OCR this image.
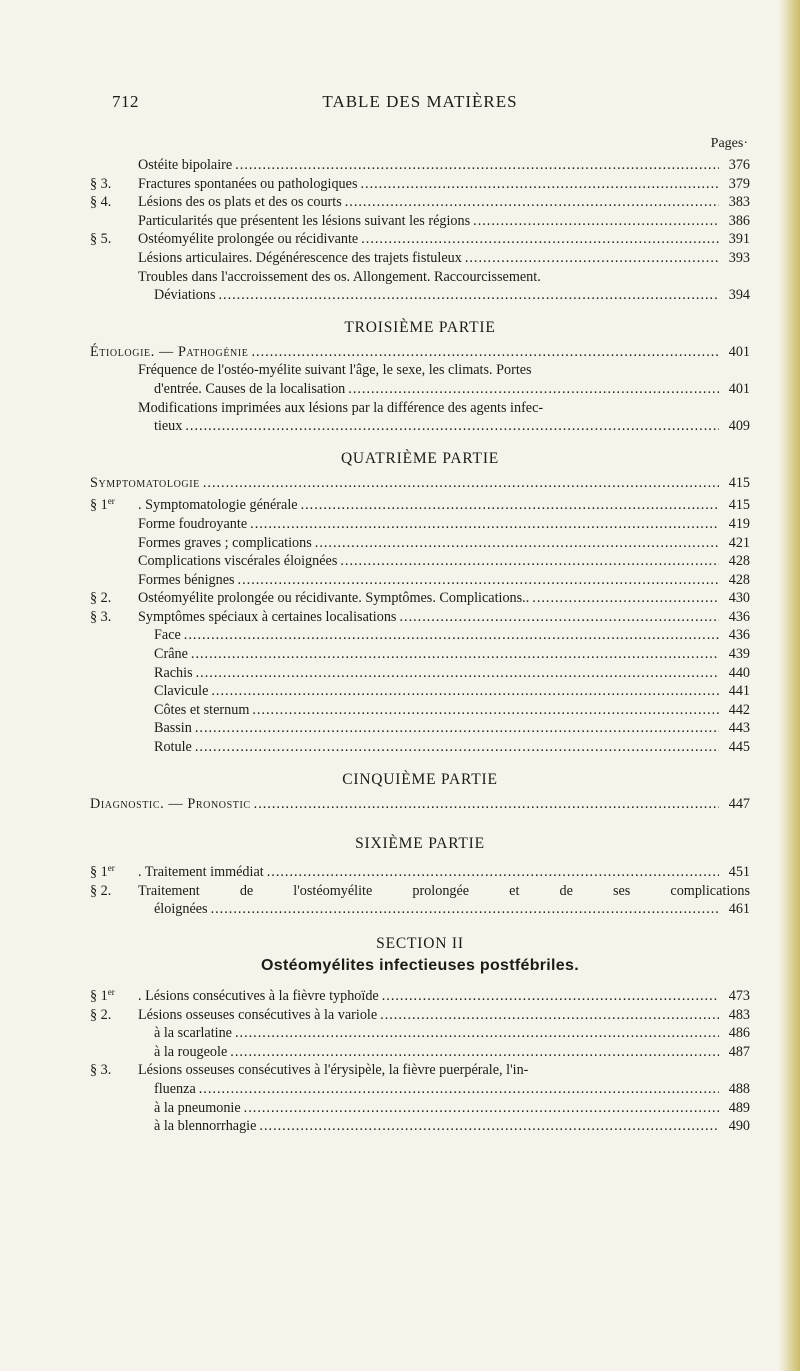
712	TABLE DES MATIÈRES
Pages·
Ostéite bipolaire .....	376
§ 3.	Fractures spontanées ou pathologiques .....	379
§ 4.	Lésions des os plats et des os courts .....	383
Particularités que présentent les lésions suivant les régions .....	386
§ 5.	Ostéomyélite prolongée ou récidivante .....	391
Lésions articulaires. Dégénérescence des trajets fistuleux .....	393
Troubles dans l'accroissement des os. Allongement. Raccourcissement.
Déviations .....	394
TROISIÈME PARTIE
Étiologie. — Pathogénie .....	401
Fréquence de l'ostéo-myélite suivant l'âge, le sexe, les climats. Portes
d'entrée. Causes de la localisation .....	401
Modifications imprimées aux lésions par la différence des agents infec-
tieux .....	409
QUATRIÈME PARTIE
Symptomatologie .....	415
§ 1er	. Symptomatologie générale .....	415
Forme foudroyante .....	419
Formes graves ; complications .....	421
Complications viscérales éloignées .....	428
Formes bénignes .....	428
§ 2.	Ostéomyélite prolongée ou récidivante. Symptômes. Complications.. .....	430
§ 3.	Symptômes spéciaux à certaines localisations .....	436
Face .....	436
Crâne .....	439
Rachis .....	440
Clavicule .....	441
Côtes et sternum .....	442
Bassin .....	443
Rotule .....	445
CINQUIÈME PARTIE
Diagnostic. — Pronostic .....	447
SIXIÈME PARTIE
§ 1er	. Traitement immédiat .....	451
§ 2.	Traitement de l'ostéomyélite prolongée et de ses complications
éloignées .....	461
SECTION II
Ostéomyélites infectieuses postfébriles.
§ 1er	. Lésions consécutives à la fièvre typhoïde .....	473
§ 2.	Lésions osseuses consécutives à la variole .....	483
à la scarlatine .....	486
à la rougeole .....	487
§ 3.	Lésions osseuses consécutives à l'érysipèle, la fièvre puerpérale, l'in-
fluenza .....	488
à la pneumonie .....	489
à la blennorrhagie .....	490
